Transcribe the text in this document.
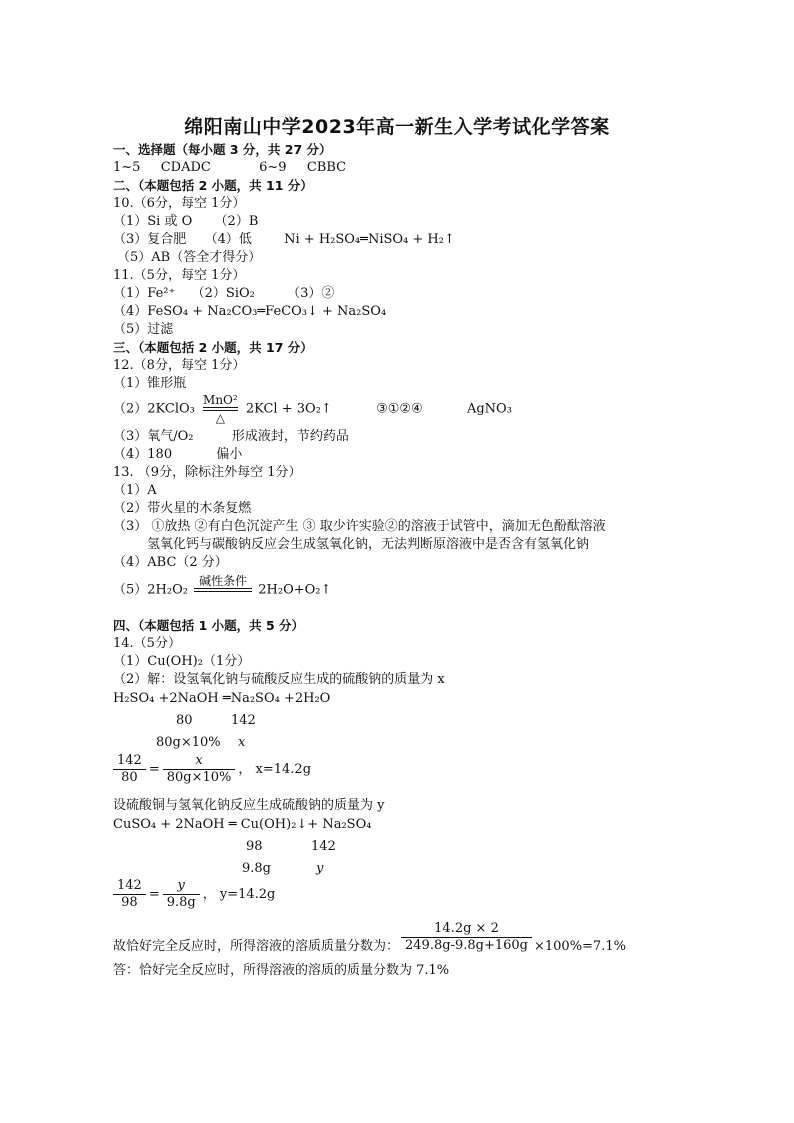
绵阳南山中学2023年高一新生入学考试化学答案
一、选择题（每小题 3 分，共 27 分）
1~5 CDADC	6~9 CBBC
二、（本题包括 2 小题，共 11 分）
10.（6分，每空 1分）
（1）Si 或 O （2）B
（3）复合肥 （4）低 Ni + H₂SO₄═NiSO₄ + H₂↑
（5）AB（答全才得分）
11.（5分，每空 1分）
（1）Fe²⁺ （2）SiO₂ （3）②
（4）FeSO₄ + Na₂CO₃═FeCO₃↓ + Na₂SO₄
（5）过滤
三、（本题包括 2 小题，共 17 分）
12.（8分，每空 1分）
（1）锥形瓶
（2）2KClO₃
MnO²
△
2KCl + 3O₂↑	③①②④	AgNO₃
（3）氧气/O₂	形成液封，节约药品
（4）180	偏小
13. （9分，除标注外每空 1分）
（1）A
（2）带火星的木条复燃
（3） ①放热 ②有白色沉淀产生 ③ 取少许实验②的溶液于试管中，滴加无色酚酞溶液
氢氧化钙与碳酸钠反应会生成氢氧化钠，无法判断原溶液中是否含有氢氧化钠
（4）ABC（2 分）
（5）2H₂O₂
碱性条件

2H₂O+O₂↑
四、（本题包括 1 小题，共 5 分）
14.（5分）
（1）Cu(OH)₂（1分）
（2）解：设氢氧化钠与硫酸反应生成的硫酸钠的质量为 x
H₂SO₄ +2NaOH ═Na₂SO₄ +2H₂O
80	142
80g×10% x
$\frac{142}{80} = \frac{x}{80g\times 10\%}$ ， x=14.2g
设硫酸铜与氢氧化钠反应生成硫酸钠的质量为 y
CuSO₄ + 2NaOH ═ Cu(OH)₂↓+ Na₂SO₄
98	142
9.8g	y
$\frac{142}{98} = \frac{y}{9.8g}$ ， y=14.2g
故恰好完全反应时，所得溶液的溶质质量分数为： $\frac{14.2g \times 2}{249.8g-9.8g+160g} \times 100\%=7.1\%$
答：恰好完全反应时，所得溶液的溶质的质量分数为 7.1%
